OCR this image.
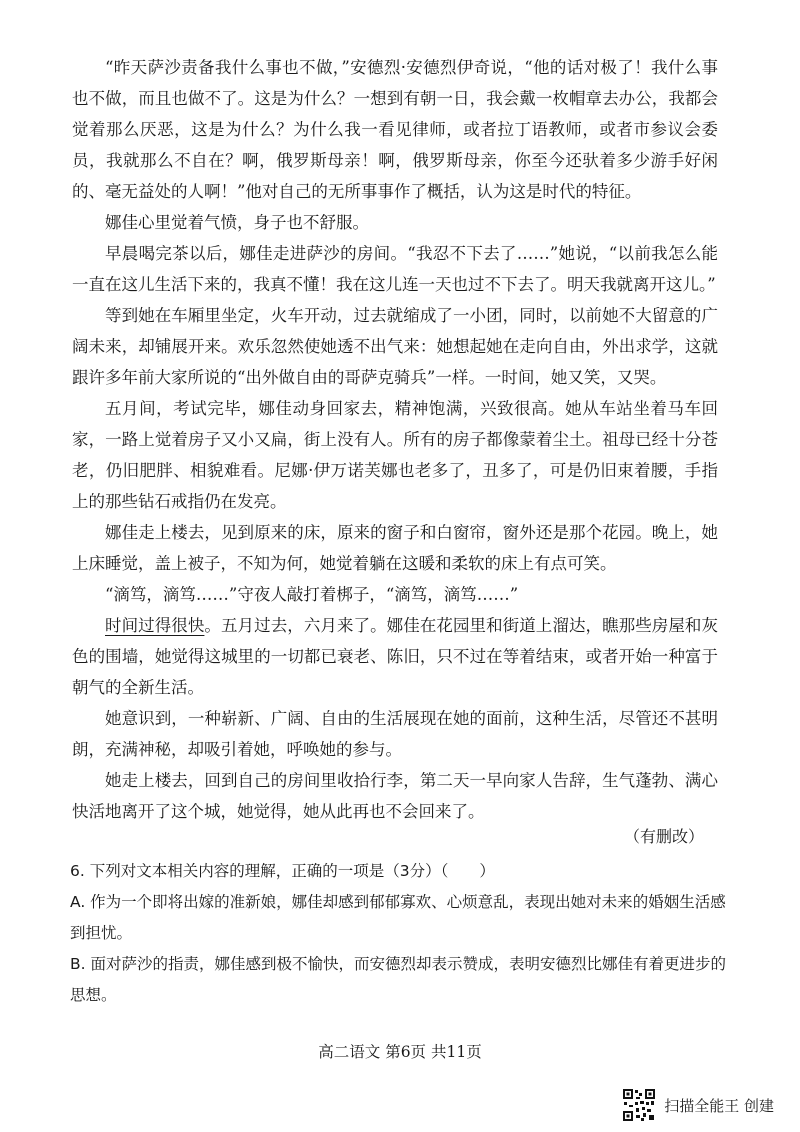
“昨天萨沙责备我什么事也不做，”安德烈·安德烈伊奇说，“他的话对极了！我什么事也不做，而且也做不了。这是为什么？一想到有朝一日，我会戴一枚帽章去办公，我都会觉着那么厌恶，这是为什么？为什么我一看见律师，或者拉丁语教师，或者市参议会委员，我就那么不自在？啊，俄罗斯母亲！啊，俄罗斯母亲，你至今还驮着多少游手好闲的、毫无益处的人啊！”他对自己的无所事事作了概括，认为这是时代的特征。

娜佳心里觉着气愤，身子也不舒服。

早晨喝完茶以后，娜佳走进萨沙的房间。“我忍不下去了……”她说，“以前我怎么能一直在这儿生活下来的，我真不懂！我在这儿连一天也过不下去了。明天我就离开这儿。”

等到她在车厢里坐定，火车开动，过去就缩成了一小团，同时，以前她不大留意的广阔未来，却铺展开来。欢乐忽然使她透不出气来：她想起她在走向自由，外出求学，这就跟许多年前大家所说的“出外做自由的哥萨克骑兵”一样。一时间，她又笑，又哭。

五月间，考试完毕，娜佳动身回家去，精神饱满，兴致很高。她从车站坐着马车回家，一路上觉着房子又小又扁，街上没有人。所有的房子都像蒙着尘土。祖母已经十分苍老，仍旧肥胖、相貌难看。尼娜·伊万诺芙娜也老多了，丑多了，可是仍旧束着腰，手指上的那些钻石戒指仍在发亮。

娜佳走上楼去，见到原来的床，原来的窗子和白窗帘，窗外还是那个花园。晚上，她上床睡觉，盖上被子，不知为何，她觉着躺在这暖和柔软的床上有点可笑。

“滴笃，滴笃……”守夜人敲打着梆子，“滴笃，滴笃……”

时间过得很快。五月过去，六月来了。娜佳在花园里和街道上溜达，瞧那些房屋和灰色的围墙，她觉得这城里的一切都已衰老、陈旧，只不过在等着结束，或者开始一种富于朝气的全新生活。

她意识到，一种崭新、广阔、自由的生活展现在她的面前，这种生活，尽管还不甚明朗，充满神秘，却吸引着她，呼唤她的参与。

她走上楼去，回到自己的房间里收拾行李，第二天一早向家人告辞，生气蓬勃、满心快活地离开了这个城，她觉得，她从此再也不会回来了。

（有删改）

6. 下列对文本相关内容的理解，正确的一项是（3分）（　　）

A. 作为一个即将出嫁的准新娘，娜佳却感到郁郁寡欢、心烦意乱，表现出她对未来的婚姻生活感到担忧。

B. 面对萨沙的指责，娜佳感到极不愉快，而安德烈却表示赞成，表明安德烈比娜佳有着更进步的思想。

高二语文 第6页 共11页
扫描全能王 创建
